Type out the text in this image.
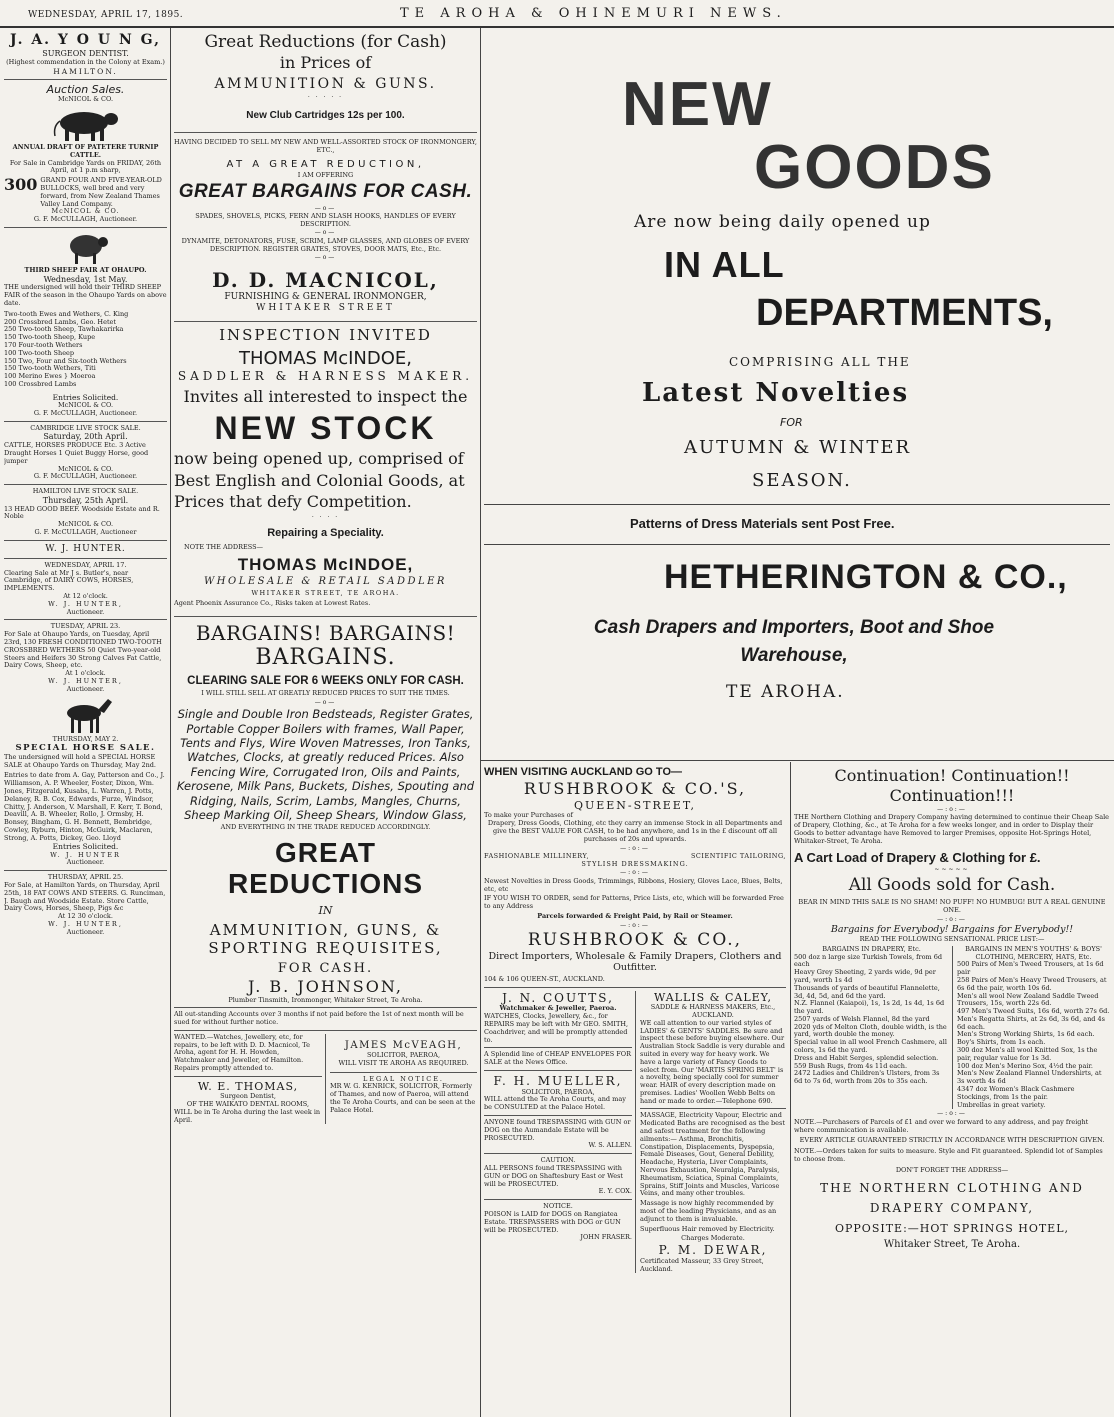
WEDNESDAY, APRIL 17, 1895.	TE AROHA & OHINEMURI NEWS.
J. A. Y O U N G,
SURGEON DENTIST.
(Highest commendation in the Colony at Exam.)
HAMILTON.
Auction Sales.
McNICOL & CO.
ANNUAL DRAFT OF PATETERE TURNIP CATTLE.
For Sale in Cambridge Yards on FRIDAY, 26th April, at 1 p.m sharp,
300 GRAND FOUR AND FIVE-YEAR-OLD BULLOCKS, well bred and very forward, from New Zealand Thames Valley Land Company.
McNICOL & CO.
G. F. McCULLAGH, Auctioneer.
THIRD SHEEP FAIR AT OHAUPO.
Wednesday, 1st May.
THE undersigned will hold their THIRD SHEEP FAIR of the season in the Ohaupo Yards on above date.

Two-tooth Ewes and Wethers, C. King

200 Crossbred Lambs, Geo. Hetet

250 Two-tooth Sheep, Tawhakarirka

150 Two-tooth Sheep, Kupe

170 Four-tooth Wethers

100 Two-tooth Sheep

150 Two, Four and Six-tooth Wethers

150 Two-tooth Wethers, Titi

100 Merino Ewes } Moeroa

100 Crossbred Lambs

Entries Solicited.
McNICOL & CO.
G. F. McCULLAGH, Auctioneer.
CAMBRIDGE LIVE STOCK SALE.
Saturday, 20th April.
CATTLE, HORSES PRODUCE Etc. 3 Active Draught Horses 1 Quiet Buggy Horse, good jumper
McNICOL & CO.
G. F. McCULLAGH, Auctioneer.
HAMILTON LIVE STOCK SALE.
Thursday, 25th April.
13 HEAD GOOD BEEF. Woodside Estate and R. Noble
McNICOL & CO.
G. F. McCULLAGH, Auctioneer
W. J. HUNTER.
WEDNESDAY, APRIL 17.
Clearing Sale at Mr J s. Butler's, near Cambridge, of DAIRY COWS, HORSES, IMPLEMENTS.
At 12 o'clock.
W. J. HUNTER,
Auctioneer.
TUESDAY, APRIL 23.
For Sale at Ohaupo Yards, on Tuesday, April 23rd, 130 FRESH CONDITIONED TWO-TOOTH CROSSBRED WETHERS 50 Quiet Two-year-old Steers and Heifers 30 Strong Calves Fat Cattle, Dairy Cows, Sheep, etc.
At 1 o'clock.
W. J. HUNTER,
Auctioneer.
THURSDAY, MAY 2.
SPECIAL HORSE SALE.
The undersigned will hold a SPECIAL HORSE SALE at Ohaupo Yards on Thursday, May 2nd.
Entries to date from A. Gay, Patterson and Co., J. Williamson, A. P. Wheeler, Foster, Dixon, Wm. Jones, Fitzgerald, Kusabs, L. Warren, J. Potts, Delaney, R. B. Cox, Edwards, Furze, Windsor, Chitty, J. Anderson, V. Marshall, F. Kerr, T. Bond, Deavill, A. B. Wheeler, Rollo, J. Ormsby, H. Bonsey, Bingham, G. H. Bennett, Bembridge, Cowley, Ryburn, Hinton, McGuirk, Maclaren, Strong, A. Potts, Dickey, Geo. Lloyd
Entries Solicited.
W. J. HUNTER
Auctioneer.
THURSDAY, APRIL 25.
For Sale, at Hamilton Yards, on Thursday, April 25th, 18 FAT COWS AND STEERS. G. Runciman, J. Baugh and Woodside Estate. Store Cattle, Dairy Cows, Horses, Sheep, Pigs &c
At 12 30 o'clock.
W. J. HUNTER,
Auctioneer.
Great Reductions (for Cash)
in Prices of
AMMUNITION & GUNS.
· · · · ·
New Club Cartridges 12s per 100.
HAVING DECIDED TO SELL MY NEW AND WELL-ASSORTED STOCK OF IRONMONGERY, ETC.,
AT A GREAT REDUCTION,
I AM OFFERING
GREAT BARGAINS FOR CASH.
—o—
SPADES, SHOVELS, PICKS, FERN AND SLASH HOOKS, HANDLES OF EVERY DESCRIPTION.
—o—
DYNAMITE, DETONATORS, FUSE, SCRIM, LAMP GLASSES, AND GLOBES OF EVERY DESCRIPTION. REGISTER GRATES, STOVES, DOOR MATS, Etc., Etc.
—o—
D. D. MACNICOL,
FURNISHING & GENERAL IRONMONGER,
WHITAKER STREET
INSPECTION INVITED
THOMAS McINDOE,
SADDLER & HARNESS MAKER.
Invites all interested to inspect the
NEW STOCK
now being opened up, comprised of Best English and Colonial Goods, at Prices that defy Competition.
· · · ·
Repairing a Speciality.
NOTE THE ADDRESS—
THOMAS McINDOE,
WHOLESALE & RETAIL SADDLER
WHITAKER STREET, TE AROHA.
Agent Phoenix Assurance Co., Risks taken at Lowest Rates.
BARGAINS! BARGAINS!
BARGAINS.
CLEARING SALE FOR 6 WEEKS ONLY FOR CASH.
I WILL STILL SELL AT GREATLY REDUCED PRICES TO SUIT THE TIMES.
—o—
Single and Double Iron Bedsteads, Register Grates, Portable Copper Boilers with frames, Wall Paper, Tents and Flys, Wire Woven Matresses, Iron Tanks, Watches, Clocks, at greatly reduced Prices. Also Fencing Wire, Corrugated Iron, Oils and Paints, Kerosene, Milk Pans, Buckets, Dishes, Spouting and Ridging, Nails, Scrim, Lambs, Mangles, Churns, Sheep Marking Oil, Sheep Shears, Window Glass,
AND EVERYTHING IN THE TRADE REDUCED ACCORDINGLY.
GREAT REDUCTIONS
IN
AMMUNITION, GUNS, & SPORTING REQUISITES,
FOR CASH.
J. B. JOHNSON,
Plumber Tinsmith, Ironmonger, Whitaker Street, Te Aroha.
All out-standing Accounts over 3 months if not paid before the 1st of next month will be sued for without further notice.
WANTED.—Watches, Jewellery, etc, for repairs, to be left with D. D. Macnicol, Te Aroha, agent for H. H. Howden, Watchmaker and Jeweller, of Hamilton. Repairs promptly attended to.
W. E. THOMAS,
Surgeon Dentist,
OF THE WAIKATO DENTAL ROOMS,
WILL be in Te Aroha during the last week in April.
JAMES McVEAGH,
SOLICITOR, PAEROA,
WILL VISIT TE AROHA AS REQUIRED.
LEGAL NOTICE.
MR W. G. KENRICK, SOLICITOR, Formerly of Thames, and now of Paeroa, will attend the Te Aroha Courts, and can be seen at the Palace Hotel.
NEW
GOODS
Are now being daily opened up
IN ALL
DEPARTMENTS,
COMPRISING ALL THE
Latest Novelties
FOR
AUTUMN & WINTER
SEASON.
Patterns of Dress Materials sent Post Free.
HETHERINGTON & CO.,
Cash Drapers and Importers, Boot and Shoe Warehouse,
TE AROHA.
WHEN VISITING AUCKLAND GO TO—
RUSHBROOK & CO.'S,
QUEEN-STREET,
To make your Purchases of
Drapery, Dress Goods, Clothing, etc they carry an immense Stock in all Departments and give the BEST VALUE FOR CASH, to be had anywhere, and 1s in the £ discount off all purchases of 20s and upwards.
—:o:—
FASHIONABLE MILLINERY,	SCIENTIFIC TAILORING,
STYLISH DRESSMAKING.
—:o:—
Newest Novelties in Dress Goods, Trimmings, Ribbons, Hosiery, Gloves Lace, Blues, Belts, etc, etc
IF YOU WISH TO ORDER, send for Patterns, Price Lists, etc, which will be forwarded Free to any Address
Parcels forwarded & Freight Paid, by Rail or Steamer.
—:o:—
RUSHBROOK & CO.,
Direct Importers, Wholesale & Family Drapers, Clothers and Outfitter.
104 & 106 QUEEN-ST., AUCKLAND.
J. N. COUTTS,
Watchmaker & Jeweller, Paeroa.
WATCHES, Clocks, Jewellery, &c., for REPAIRS may be left with Mr GEO. SMITH, Coachdriver, and will be promptly attended to.
A Splendid line of CHEAP ENVELOPES FOR SALE at the News Office.
F. H. MUELLER,
SOLICITOR, PAEROA,
WILL attend the Te Aroha Courts, and may be CONSULTED at the Palace Hotel.
ANYONE found TRESPASSING with GUN or DOG on the Aumandale Estate will be PROSECUTED.
W. S. ALLEN.
CAUTION.
ALL PERSONS found TRESPASSING with GUN or DOG on Shaftesbury East or West will be PROSECUTED.
E. Y. COX.
NOTICE.
POISON is LAID for DOGS on Rangiatea Estate. TRESPASSERS with DOG or GUN will be PROSECUTED.
JOHN FRASER.
WALLIS & CALEY,
SADDLE & HARNESS MAKERS, Etc.,
AUCKLAND.
WE call attention to our varied styles of LADIES' & GENTS' SADDLES. Be sure and inspect these before buying elsewhere. Our Australian Stock Saddle is very durable and suited in every way for heavy work. We have a large variety of Fancy Goods to select from. Our 'MARTIS SPRING BELT' is a novelty, being specially cool for summer wear. HAIR of every description made on premises. Ladies' Woollen Webb Belts on hand or made to order.—Telephone 690.
MASSAGE, Electricity Vapour, Electric and Medicated Baths are recognised as the best and safest treatment for the following ailments:— Asthma, Bronchitis, Constipation, Displacements, Dyspepsia, Female Diseases, Gout, General Debility, Headache, Hysteria, Liver Complaints, Nervous Exhaustion, Neuralgia, Paralysis, Rheumatism, Sciatica, Spinal Complaints, Sprains, Stiff Joints and Muscles, Varicose Veins, and many other troubles.
Massage is now highly recommended by most of the leading Physicians, and as an adjunct to them is invaluable.
Superfluous Hair removed by Electricity.
Charges Moderate.
P. M. DEWAR,
Certificated Masseur, 33 Grey Street, Auckland.
Continuation! Continuation!!
Continuation!!!
—:o:—
THE Northern Clothing and Drapery Company having determined to continue their Cheap Sale of Drapery, Clothing, &c., at Te Aroha for a few weeks longer, and in order to Display their Goods to better advantage have Removed to larger Premises, opposite Hot-Springs Hotel, Whitaker-Street, Te Aroha.
A Cart Load of Drapery & Clothing for £.
~~~~~
All Goods sold for Cash.
BEAR IN MIND THIS SALE IS NO SHAM! NO PUFF! NO HUMBUG! BUT A REAL GENUINE ONE.
—:o:—
Bargains for Everybody! Bargains for Everybody!!
READ THE FOLLOWING SENSATIONAL PRICE LIST:—
BARGAINS IN DRAPERY, Etc.

500 doz n large size Turkish Towels, from 6d each

Heavy Grey Sheeting, 2 yards wide, 9d per yard, worth 1s 4d

Thousands of yards of beautiful Flannelette, 3d, 4d, 5d, and 6d the yard.

N.Z. Flannel (Kaiapoi), 1s, 1s 2d, 1s 4d, 1s 6d the yard.

2507 yards of Welsh Flannel, 8d the yard

2020 yds of Melton Cloth, double width, is the yard, worth double the money.

Special value in all wool French Cashmere, all colors, 1s 6d the yard.

Dress and Habit Serges, splendid selection.

559 Bush Rugs, from 4s 11d each.

2472 Ladies and Children's Ulsters, from 3s 6d to 7s 6d, worth from 20s to 35s each.

BARGAINS IN MEN'S YOUTHS' & BOYS' CLOTHING, MERCERY, HATS, Etc.

500 Pairs of Men's Tweed Trousers, at 1s 6d pair

258 Pairs of Men's Heavy Tweed Trousers, at 6s 6d the pair, worth 10s 6d.

Men's all wool New Zealand Saddle Tweed Trousers, 15s, worth 22s 6d.

497 Men's Tweed Suits, 16s 6d, worth 27s 6d.

Men's Regatta Shirts, at 2s 6d, 3s 6d, and 4s 6d each.

Men's Strong Working Shirts, 1s 6d each.

Boy's Shirts, from 1s each.

300 doz Men's all wool Knitted Sox, 1s the pair, regular value for 1s 3d.

100 doz Men's Merino Sox, 4½d the pair.

Men's New Zealand Flannel Undershirts, at 3s worth 4s 6d

4347 doz Women's Black Cashmere Stockings, from 1s the pair.

Umbrellas in great variety.

—:o:—
NOTE.—Purchasers of Parcels of £1 and over we forward to any address, and pay freight where communication is available.
EVERY ARTICLE GUARANTEED STRICTLY IN ACCORDANCE WITH DESCRIPTION GIVEN.
NOTE.—Orders taken for suits to measure. Style and Fit guaranteed. Splendid lot of Samples to choose from.
DON'T FORGET THE ADDRESS—
THE NORTHERN CLOTHING AND
DRAPERY COMPANY,
OPPOSITE:—HOT SPRINGS HOTEL,
Whitaker Street, Te Aroha.
